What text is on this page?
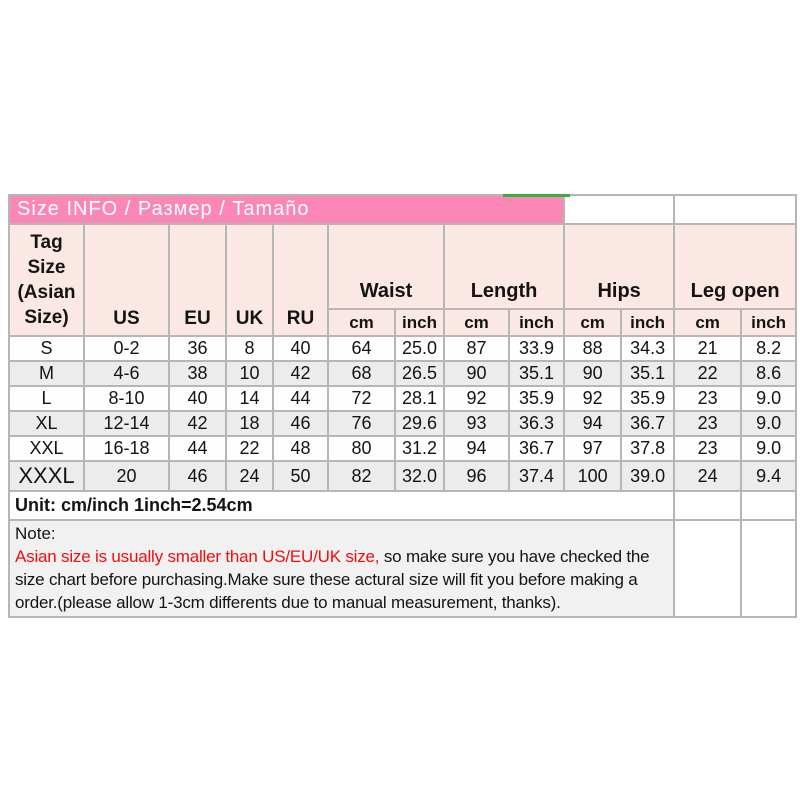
Size INFO / Размер / Tamaño												
Tag Size (Asian Size)	US	EU	UK	RU	Waist		Length		Hips		Leg open	
					cm	inch	cm	inch	cm	inch	cm	inch
S	0-2	36	8	40	64	25.0	87	33.9	88	34.3	21	8.2
M	4-6	38	10	42	68	26.5	90	35.1	90	35.1	22	8.6
L	8-10	40	14	44	72	28.1	92	35.9	92	35.9	23	9.0
XL	12-14	42	18	46	76	29.6	93	36.3	94	36.7	23	9.0
XXL	16-18	44	22	48	80	31.2	94	36.7	97	37.8	23	9.0
XXXL	20	46	24	50	82	32.0	96	37.4	100	39.0	24	9.4
Unit: cm/inch 1inch=2.54cm												

Note:
Asian size is usually smaller than US/EU/UK size, so make sure you have checked the size chart before purchasing.Make sure these actural size will fit you before making a order.(please allow 1-3cm differents due to manual measurement, thanks).												
